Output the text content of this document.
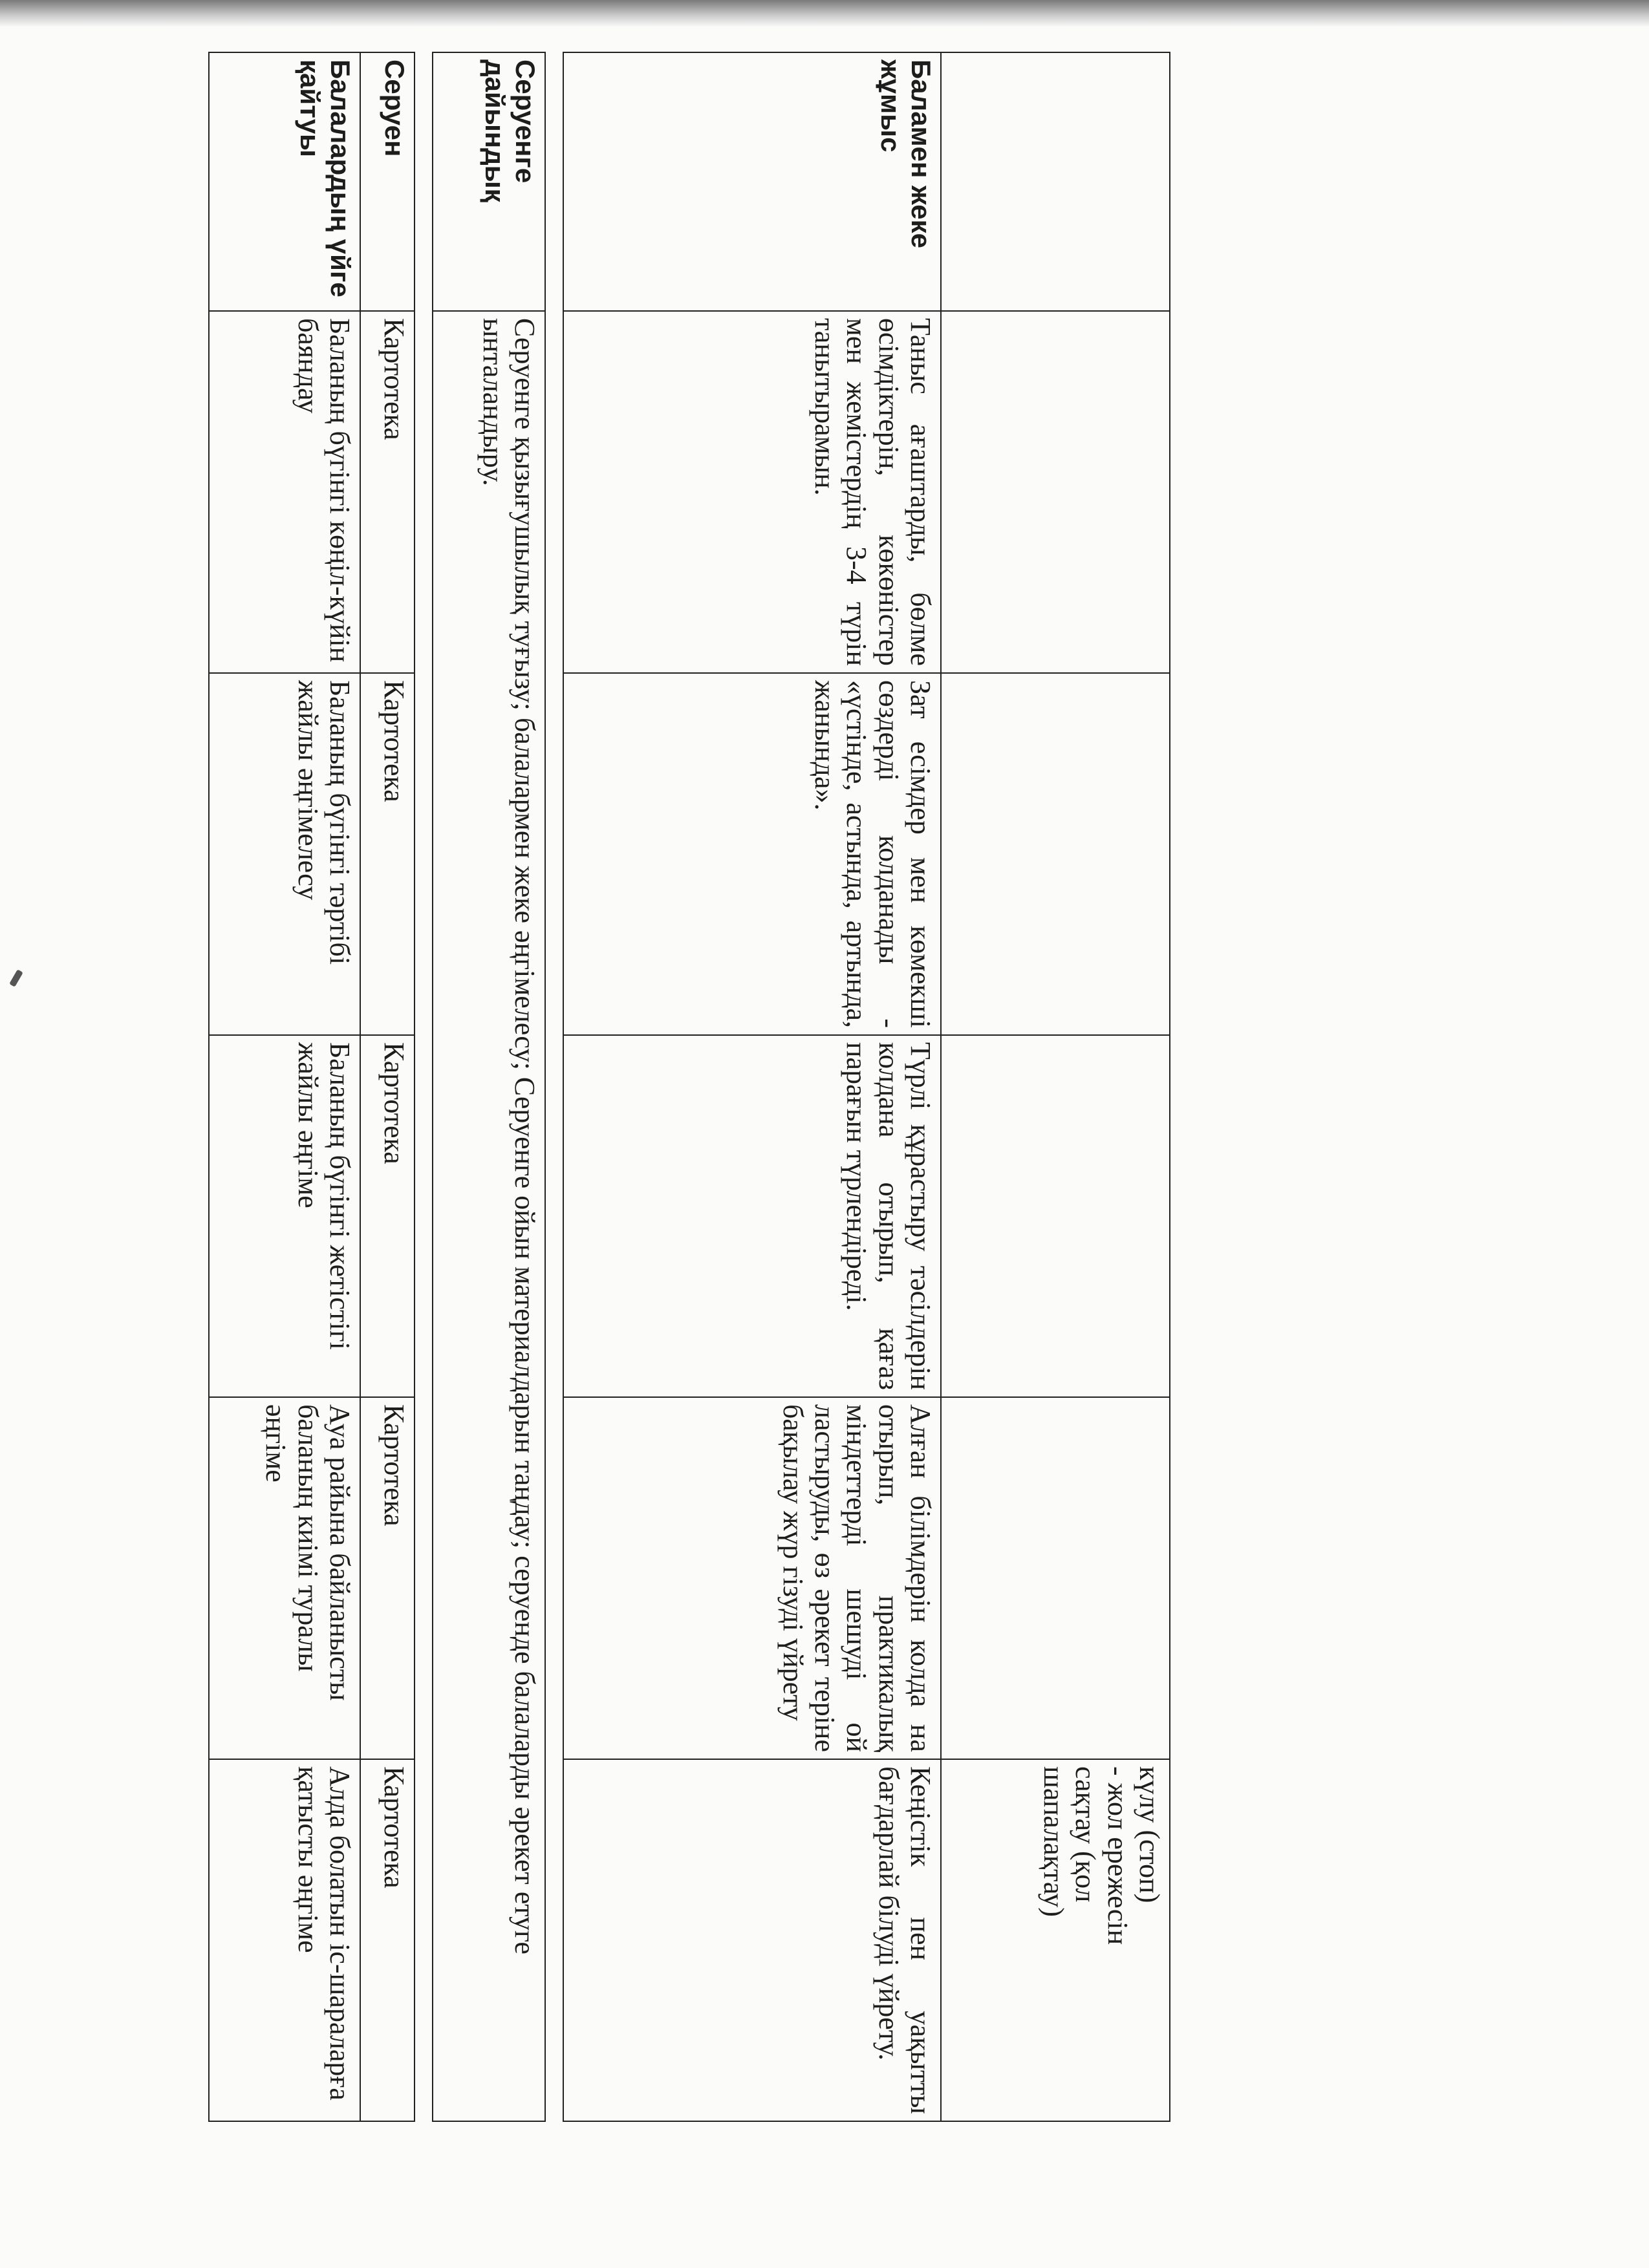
					күлу (стоп)
- жол ережесін
сақтау (қол
шапалақтау)

Баламен жеке жұмыс	Таныс ағаштарды, бөлме өсімдіктерін, көкөністер мен жемістердің 3-4 түрін танытырамын.	Зат есімдер мен көмекші сөздерді колданады - «үстінде, астында, артында, жанында».	Түрлі құрастыру тәсілдерін колдана отырып, қағаз парағын түрлендіреді.	Алған білімдерін колда на отырып, практикалық міндеттерді шешуді ой ластыруды, өз әрекет теріне бақылау жүр гізуді үйрету	Кеңістік пен уақытты бағдарлай білуді үйрету.

Серуенге дайындық	Серуенге қызығушылық туғызу; балалармен жеке әңгімелесу; Серуенге ойын материалдарын таңдау; серуенде балаларды әрекет етуге ынталандыру.				

Серуен	Картотека	Картотека	Картотека	Картотека	Картотека
Балалардың үйге қайтуы	Баланың бүгінгі көңіл-күйін баяндау	Баланың бүгінгі тәртібі жайлы әңгімелесу	Баланың бүгінгі жетістігі жайлы әңгіме	Ауа райына байланысты баланың киімі туралы әңгіме	Алда болатын іс-шараларға қатысты әңгіме
